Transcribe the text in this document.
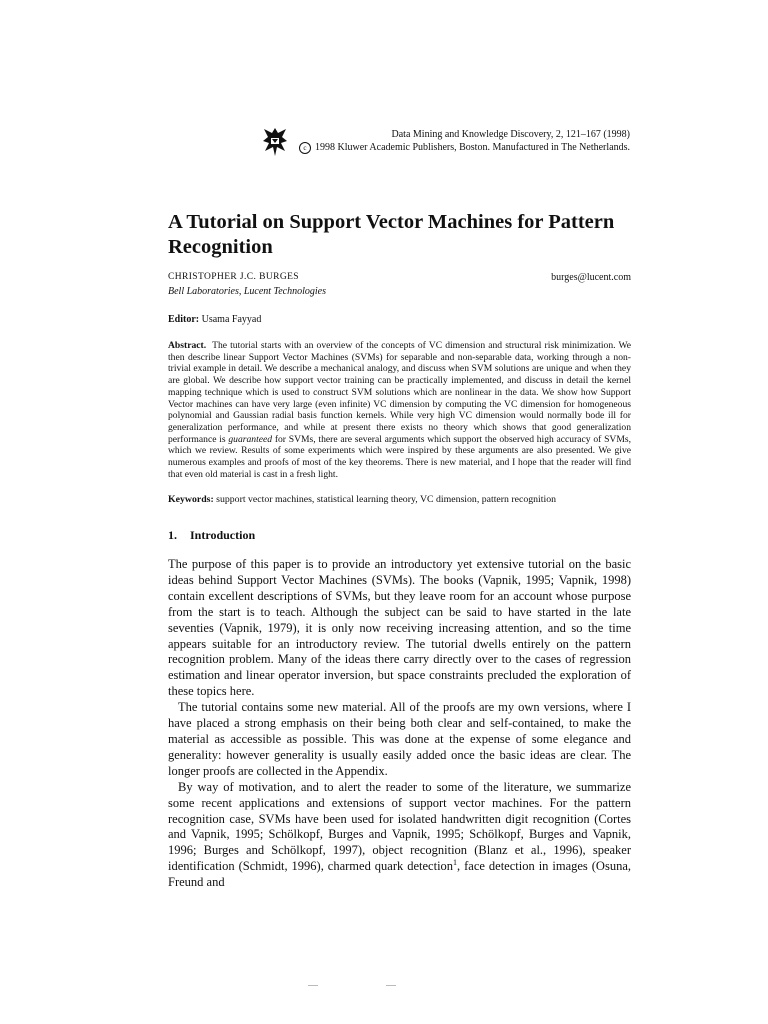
Data Mining and Knowledge Discovery, 2, 121–167 (1998)
c 1998 Kluwer Academic Publishers, Boston. Manufactured in The Netherlands.
A Tutorial on Support Vector Machines for Pattern Recognition
CHRISTOPHER J.C. BURGES	burges@lucent.com
Bell Laboratories, Lucent Technologies
Editor: Usama Fayyad
Abstract. The tutorial starts with an overview of the concepts of VC dimension and structural risk minimization. We then describe linear Support Vector Machines (SVMs) for separable and non-separable data, working through a non-trivial example in detail. We describe a mechanical analogy, and discuss when SVM solutions are unique and when they are global. We describe how support vector training can be practically implemented, and discuss in detail the kernel mapping technique which is used to construct SVM solutions which are nonlinear in the data. We show how Support Vector machines can have very large (even infinite) VC dimension by computing the VC dimension for homogeneous polynomial and Gaussian radial basis function kernels. While very high VC dimension would normally bode ill for generalization performance, and while at present there exists no theory which shows that good generalization performance is guaranteed for SVMs, there are several arguments which support the observed high accuracy of SVMs, which we review. Results of some experiments which were inspired by these arguments are also presented. We give numerous examples and proofs of most of the key theorems. There is new material, and I hope that the reader will find that even old material is cast in a fresh light.
Keywords: support vector machines, statistical learning theory, VC dimension, pattern recognition
1. Introduction

The purpose of this paper is to provide an introductory yet extensive tutorial on the basic ideas behind Support Vector Machines (SVMs). The books (Vapnik, 1995; Vapnik, 1998) contain excellent descriptions of SVMs, but they leave room for an account whose purpose from the start is to teach. Although the subject can be said to have started in the late seventies (Vapnik, 1979), it is only now receiving increasing attention, and so the time appears suitable for an introductory review. The tutorial dwells entirely on the pattern recognition problem. Many of the ideas there carry directly over to the cases of regression estimation and linear operator inversion, but space constraints precluded the exploration of these topics here.

The tutorial contains some new material. All of the proofs are my own versions, where I have placed a strong emphasis on their being both clear and self-contained, to make the material as accessible as possible. This was done at the expense of some elegance and generality: however generality is usually easily added once the basic ideas are clear. The longer proofs are collected in the Appendix.

By way of motivation, and to alert the reader to some of the literature, we summarize some recent applications and extensions of support vector machines. For the pattern recognition case, SVMs have been used for isolated handwritten digit recognition (Cortes and Vapnik, 1995; Schölkopf, Burges and Vapnik, 1995; Schölkopf, Burges and Vapnik, 1996; Burges and Schölkopf, 1997), object recognition (Blanz et al., 1996), speaker identification (Schmidt, 1996), charmed quark detection$^1$, face detection in images (Osuna, Freund and
